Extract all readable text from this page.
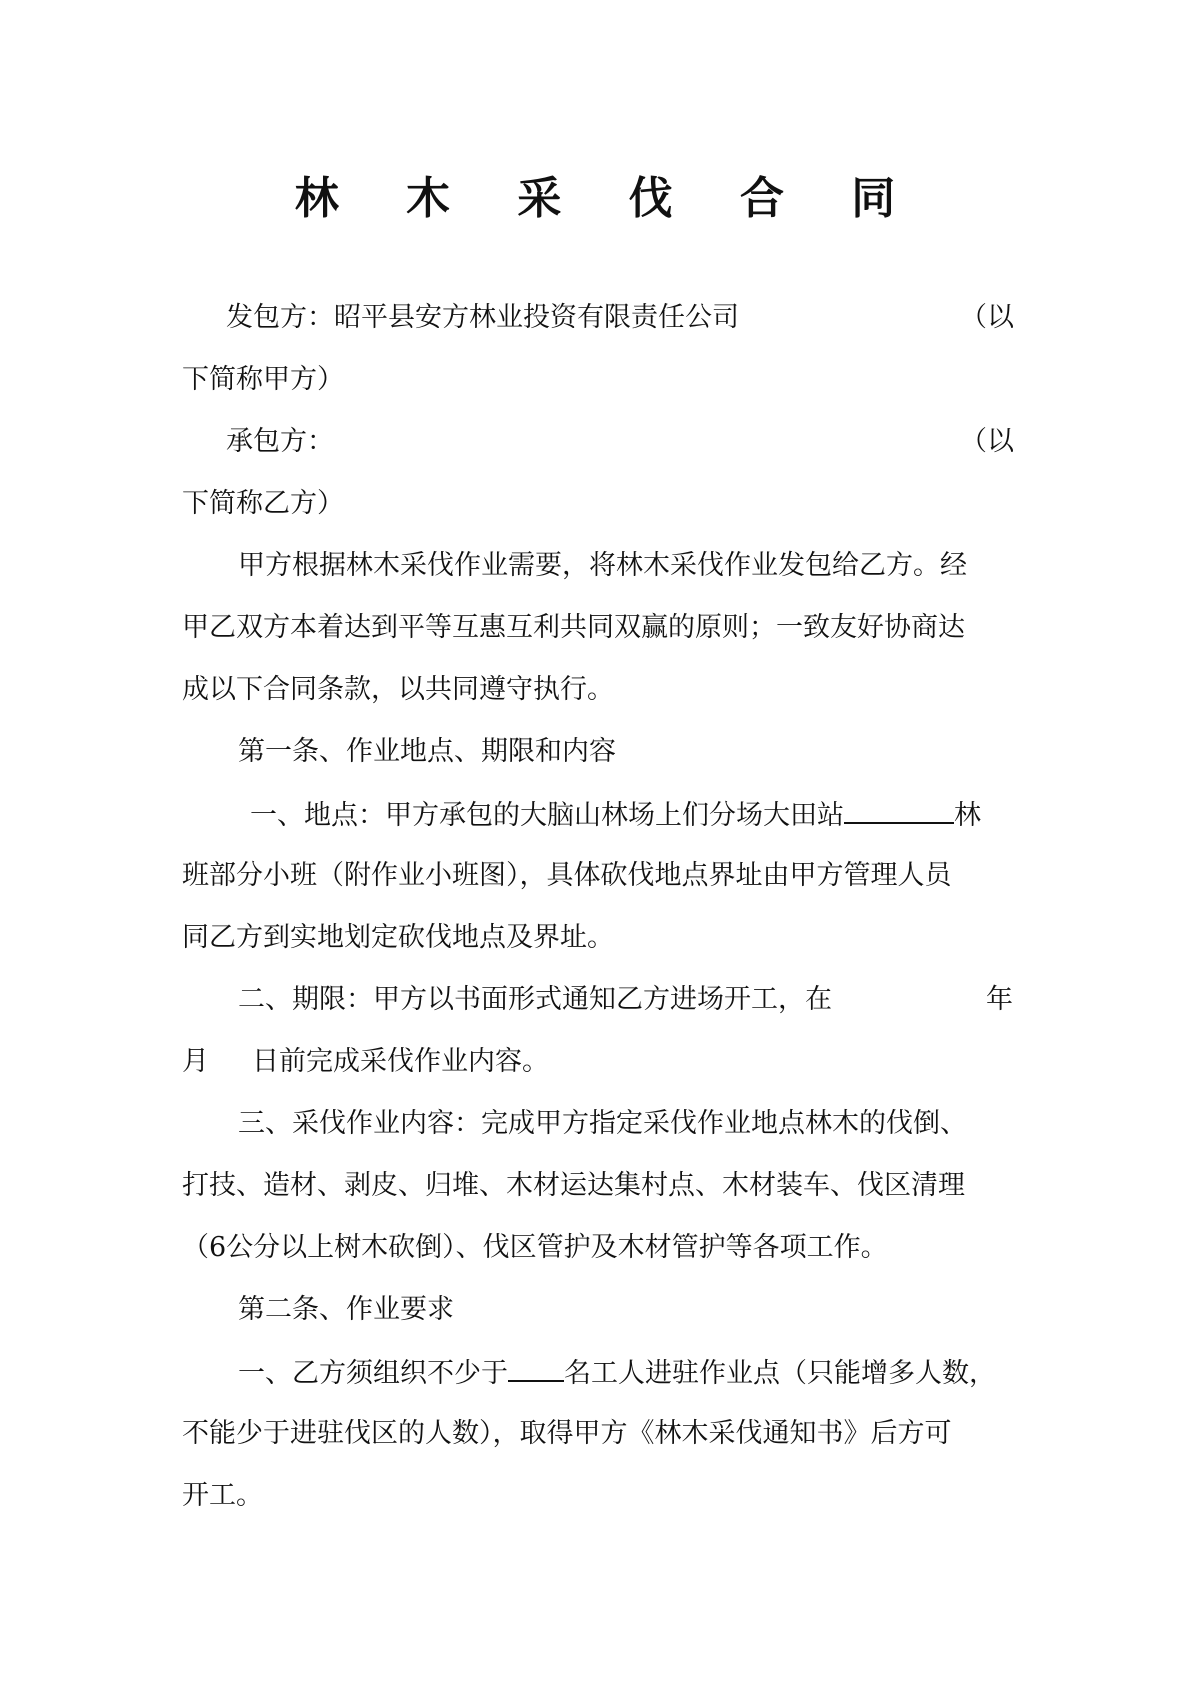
林 木 采 伐 合 同
发包方：昭平县安方林业投资有限责任公司	（以
下简称甲方）
承包方：	（以
下简称乙方）
甲方根据林木采伐作业需要，将林木采伐作业发包给乙方。经
甲乙双方本着达到平等互惠互利共同双赢的原则；一致友好协商达
成以下合同条款，以共同遵守执行。
第一条、作业地点、期限和内容
一、地点：甲方承包的大脑山林场上们分场大田站	林
班部分小班（附作业小班图），具体砍伐地点界址由甲方管理人员
同乙方到实地划定砍伐地点及界址。
二、期限：甲方以书面形式通知乙方进场开工，在	年
月 日前完成采伐作业内容。
三、采伐作业内容：完成甲方指定采伐作业地点林木的伐倒、
打技、造材、剥皮、归堆、木材运达集村点、木材装车、伐区清理
（6公分以上树木砍倒）、伐区管护及木材管护等各项工作。
第二条、作业要求
一、乙方须组织不少于 名工人进驻作业点（只能增多人数，
不能少于进驻伐区的人数），取得甲方《林木采伐通知书》后方可
开工。
